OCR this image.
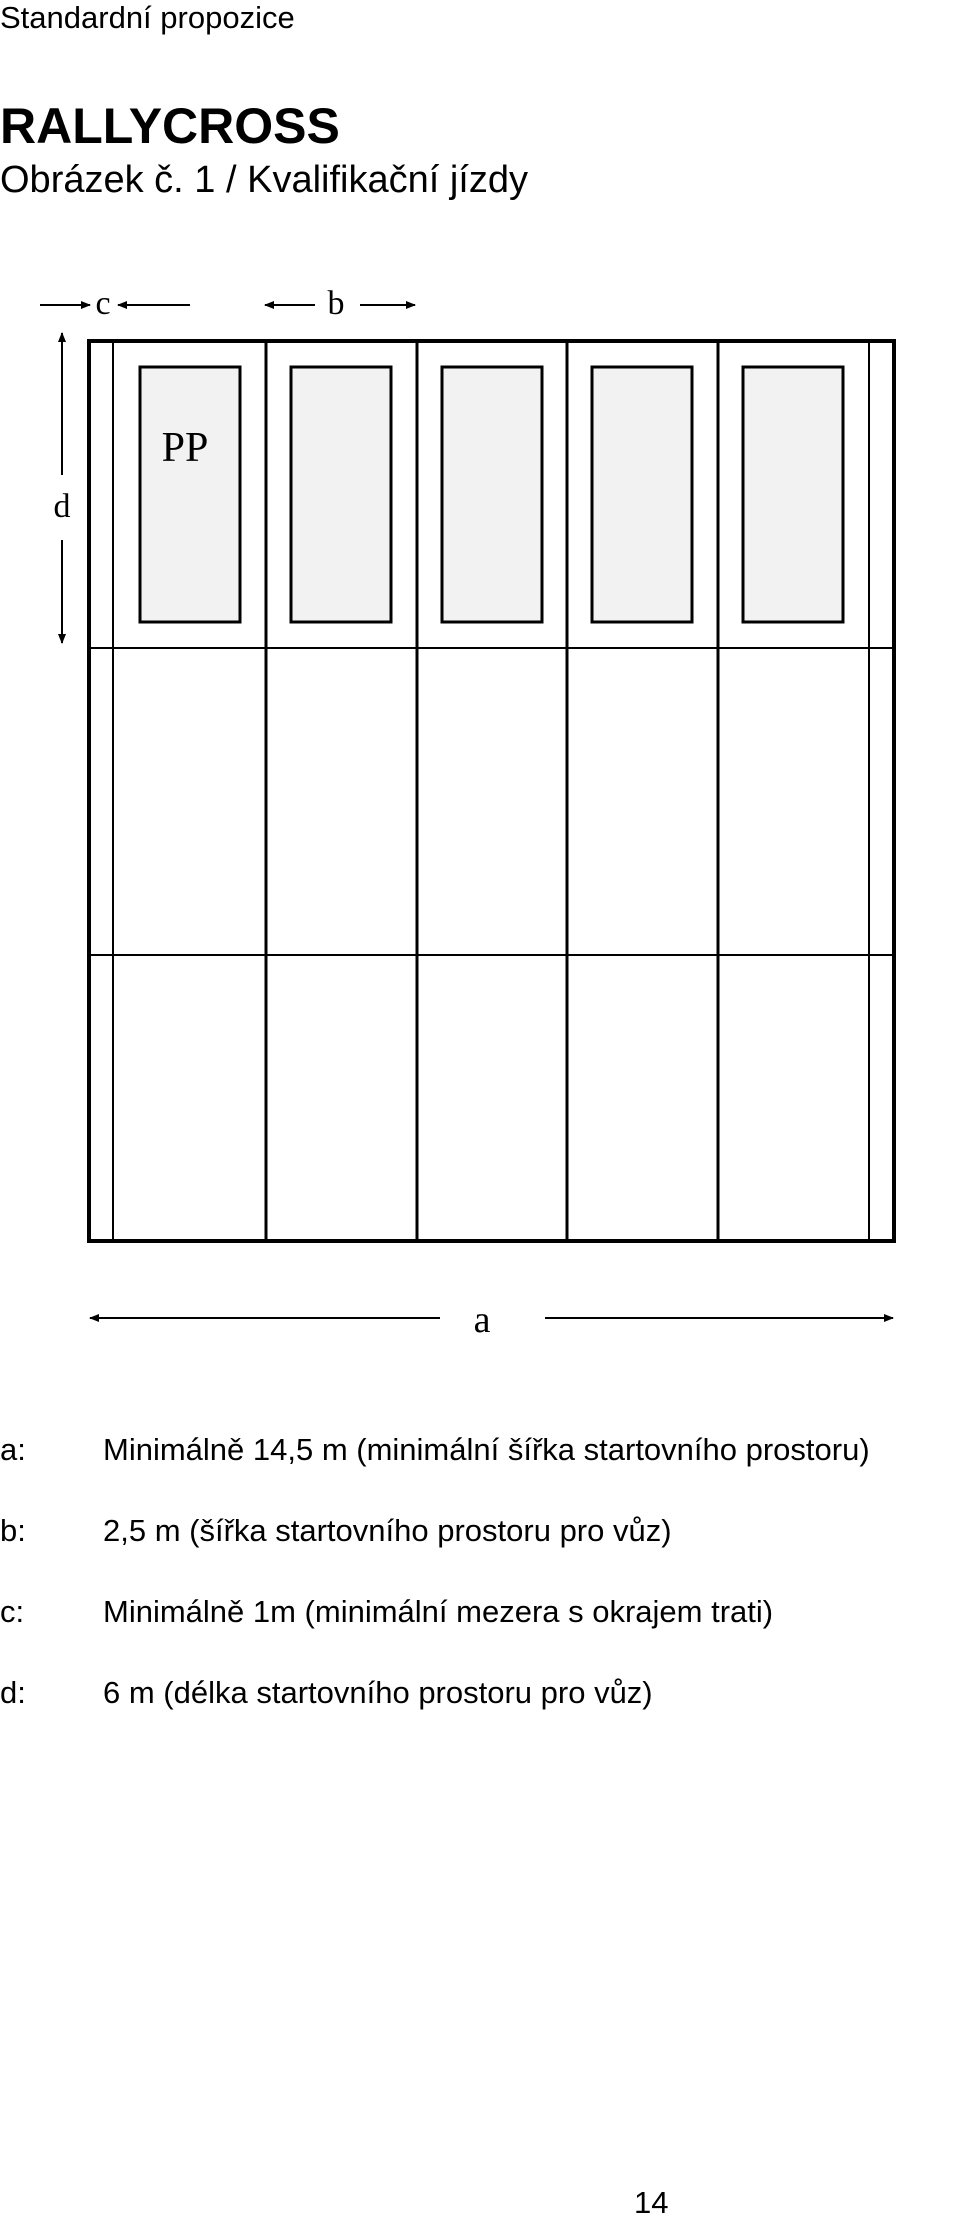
Standardní propozice
RALLYCROSS
Obrázek č. 1 / Kvalifikační jízdy
c	b
d
PP
a
a: Minimálně 14,5 m (minimální šířka startovního prostoru)
b: 2,5 m (šířka startovního prostoru pro vůz)
c:	Minimálně 1m (minimální mezera s okrajem trati)
d: 6 m (délka startovního prostoru pro vůz)
14
